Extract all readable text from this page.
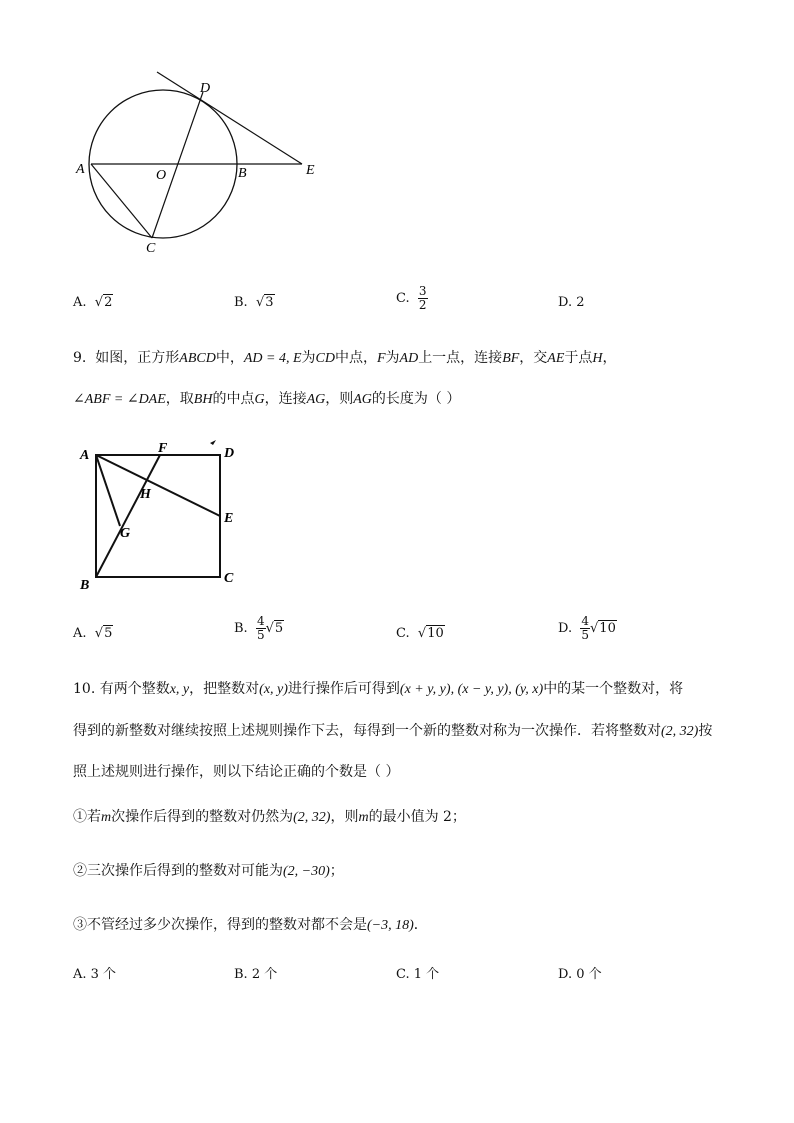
A	O	B	E
D
C
A. √2	B. √3	C. $\frac{3}{2}$	D. 2
9. 如图，正方形ABCD中，AD = 4, E为CD中点，F为AD上一点，连接BF，交AE于点H，
∠ABF = ∠DAE，取BH的中点G，连接AG，则AG的长度为（ ）
A	F	D
H
E
G
B	C
A. √5	B. $\frac{4}{5} √5$	C. √10	D. $\frac{4}{5} √10$
10. 有两个整数x, y，把整数对(x, y)进行操作后可得到(x + y, y), (x − y, y), (y, x)中的某一个整数对，将
得到的新整数对继续按照上述规则操作下去，每得到一个新的整数对称为一次操作．若将整数对(2, 32)按
照上述规则进行操作，则以下结论正确的个数是（ ）
①若m次操作后得到的整数对仍然为(2, 32)，则m的最小值为 2；
②三次操作后得到的整数对可能为(2, −30)；
③不管经过多少次操作，得到的整数对都不会是(−3, 18)．
A. 3 个	B. 2 个	C. 1 个	D. 0 个
